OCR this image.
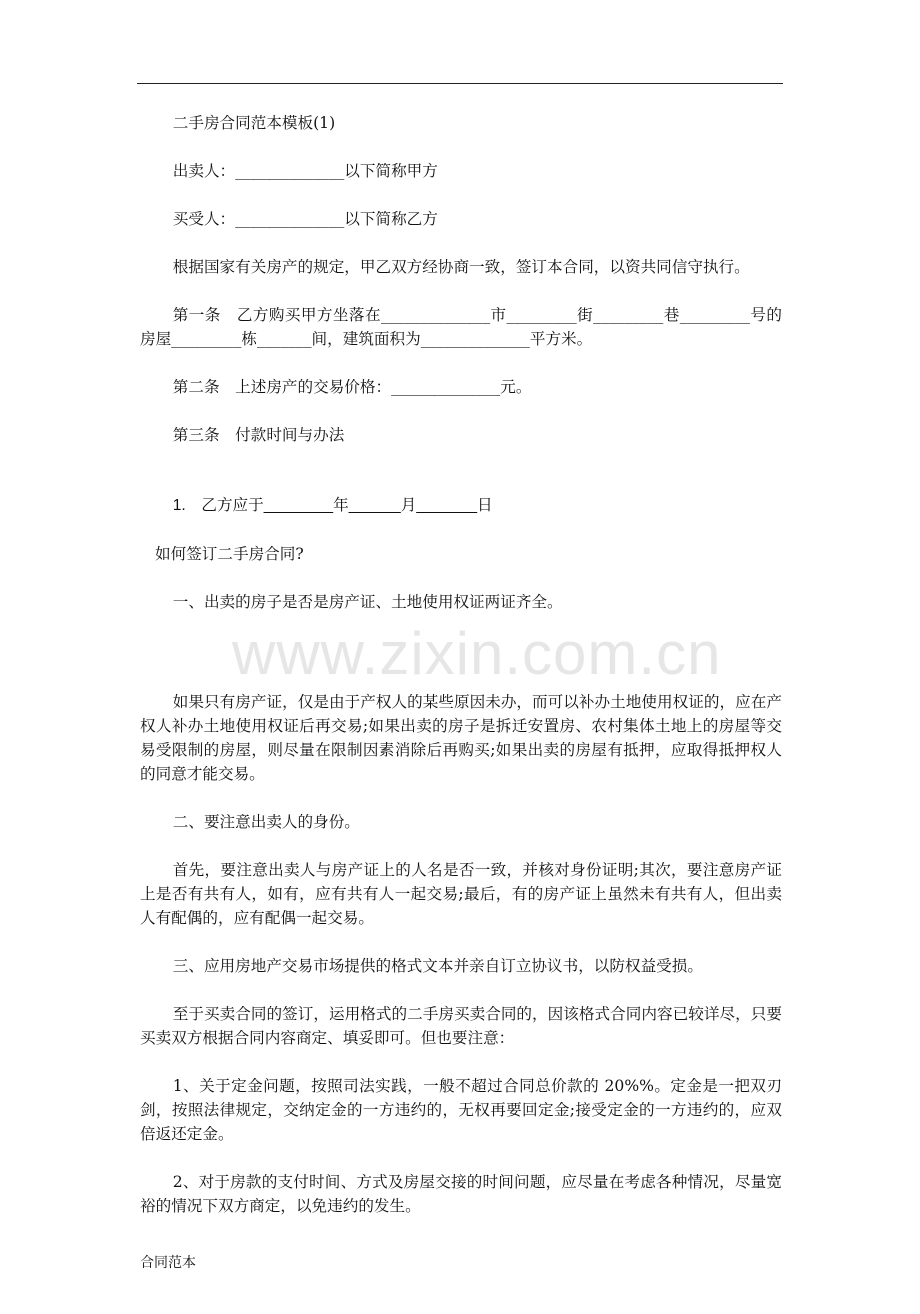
二手房合同范本模板(1)

出卖人：______________以下简称甲方

买受人：______________以下简称乙方

根据国家有关房产的规定，甲乙双方经协商一致，签订本合同，以资共同信守执行。

第一条　乙方购买甲方坐落在______________市_________街_________巷_________号的房屋_________栋_______间，建筑面积为______________平方米。

第二条　上述房产的交易价格：______________元。

第三条　付款时间与办法

1.　乙方应于________年______月_______日

如何签订二手房合同?

一、出卖的房子是否是房产证、土地使用权证两证齐全。

www.zixin.com.cn

如果只有房产证，仅是由于产权人的某些原因未办，而可以补办土地使用权证的，应在产权人补办土地使用权证后再交易;如果出卖的房子是拆迁安置房、农村集体土地上的房屋等交易受限制的房屋，则尽量在限制因素消除后再购买;如果出卖的房屋有抵押，应取得抵押权人的同意才能交易。

二、要注意出卖人的身份。

首先，要注意出卖人与房产证上的人名是否一致，并核对身份证明;其次，要注意房产证上是否有共有人，如有，应有共有人一起交易;最后，有的房产证上虽然未有共有人，但出卖人有配偶的，应有配偶一起交易。

三、应用房地产交易市场提供的格式文本并亲自订立协议书，以防权益受损。

至于买卖合同的签订，运用格式的二手房买卖合同的，因该格式合同内容已较详尽，只要买卖双方根据合同内容商定、填妥即可。但也要注意：

1、关于定金问题，按照司法实践，一般不超过合同总价款的 20%%。定金是一把双刃剑，按照法律规定，交纳定金的一方违约的，无权再要回定金;接受定金的一方违约的，应双倍返还定金。

2、对于房款的支付时间、方式及房屋交接的时间问题，应尽量在考虑各种情况，尽量宽裕的情况下双方商定，以免违约的发生。

合同范本
